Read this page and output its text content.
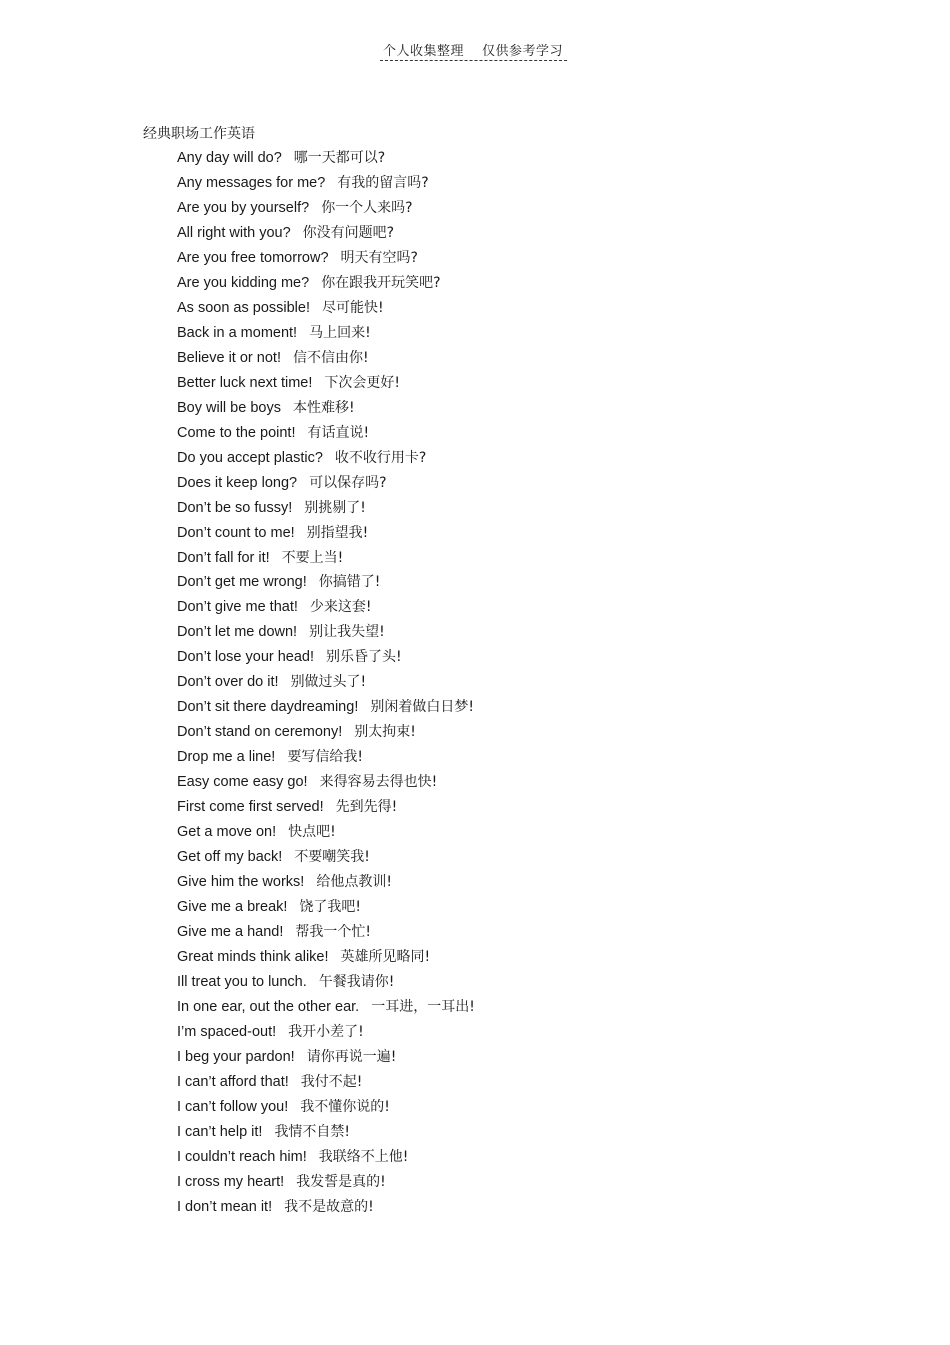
个人收集整理 仅供参考学习
经典职场工作英语
Any day will do? 哪一天都可以?
Any messages for me? 有我的留言吗?
Are you by yourself? 你一个人来吗?
All right with you? 你没有问题吧?
Are you free tomorrow? 明天有空吗?
Are you kidding me? 你在跟我开玩笑吧?
As soon as possible! 尽可能快!
Back in a moment! 马上回来!
Believe it or not! 信不信由你!
Better luck next time! 下次会更好!
Boy will be boys 本性难移!
Come to the point! 有话直说!
Do you accept plastic? 收不收行用卡?
Does it keep long? 可以保存吗?
Don’t be so fussy! 别挑剔了!
Don’t count to me! 别指望我!
Don’t fall for it! 不要上当!
Don’t get me wrong! 你搞错了!
Don’t give me that! 少来这套!
Don’t let me down! 别让我失望!
Don’t lose your head! 别乐昏了头!
Don’t over do it! 别做过头了!
Don’t sit there daydreaming! 别闲着做白日梦!
Don’t stand on ceremony! 别太拘束!
Drop me a line! 要写信给我!
Easy come easy go! 来得容易去得也快!
First come first served! 先到先得!
Get a move on! 快点吧!
Get off my back! 不要嘲笑我!
Give him the works! 给他点教训!
Give me a break! 饶了我吧!
Give me a hand! 帮我一个忙!
Great minds think alike! 英雄所见略同!
Ill treat you to lunch. 午餐我请你!
In one ear, out the other ear. 一耳进，一耳出!
I’m spaced-out! 我开小差了!
I beg your pardon! 请你再说一遍!
I can’t afford that! 我付不起!
I can’t follow you! 我不懂你说的!
I can’t help it! 我情不自禁!
I couldn’t reach him! 我联络不上他!
I cross my heart! 我发誓是真的!
I don’t mean it! 我不是故意的!
